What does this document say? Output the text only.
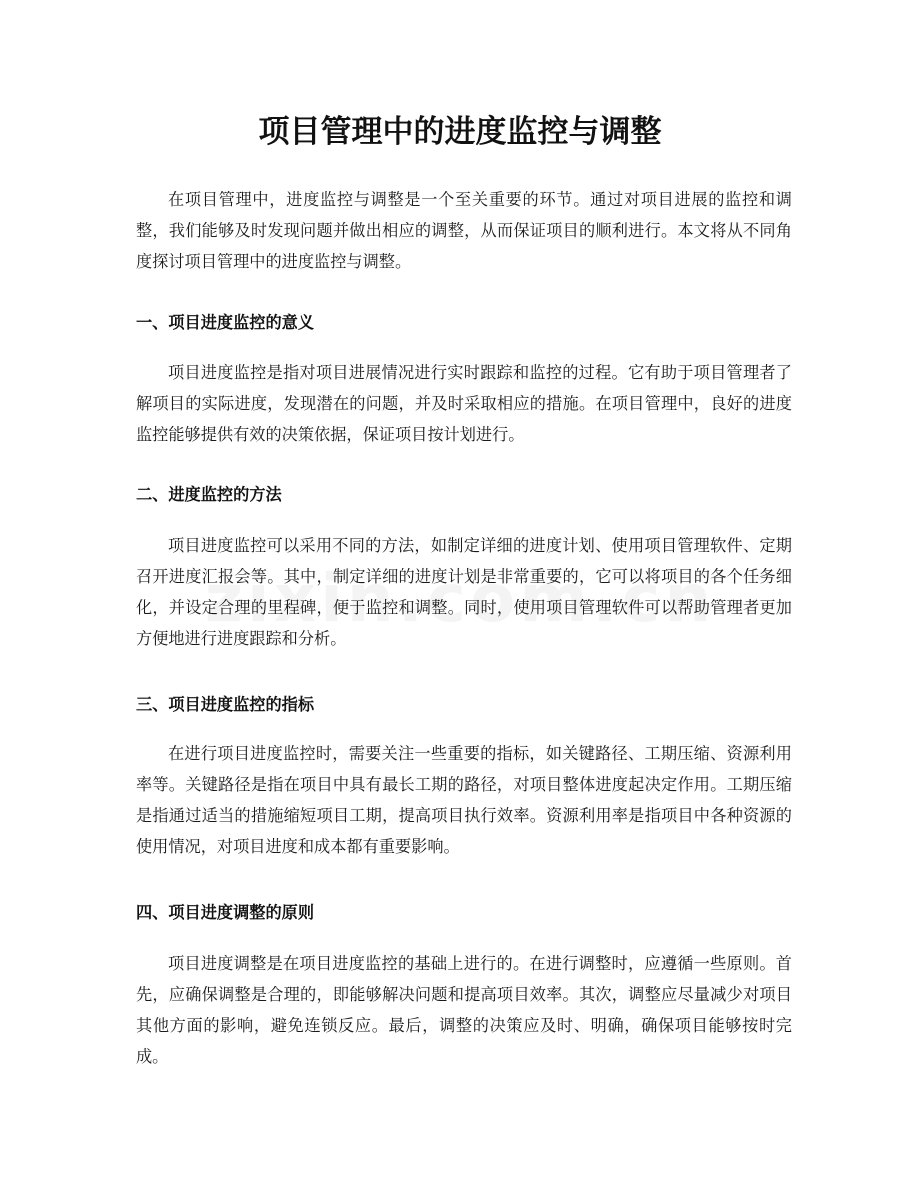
项目管理中的进度监控与调整

在项目管理中，进度监控与调整是一个至关重要的环节。通过对项目进展的监控和调整，我们能够及时发现问题并做出相应的调整，从而保证项目的顺利进行。本文将从不同角度探讨项目管理中的进度监控与调整。

一、项目进度监控的意义

项目进度监控是指对项目进展情况进行实时跟踪和监控的过程。它有助于项目管理者了解项目的实际进度，发现潜在的问题，并及时采取相应的措施。在项目管理中，良好的进度监控能够提供有效的决策依据，保证项目按计划进行。

二、进度监控的方法

项目进度监控可以采用不同的方法，如制定详细的进度计划、使用项目管理软件、定期召开进度汇报会等。其中，制定详细的进度计划是非常重要的，它可以将项目的各个任务细化，并设定合理的里程碑，便于监控和调整。同时，使用项目管理软件可以帮助管理者更加方便地进行进度跟踪和分析。

三、项目进度监控的指标

在进行项目进度监控时，需要关注一些重要的指标，如关键路径、工期压缩、资源利用率等。关键路径是指在项目中具有最长工期的路径，对项目整体进度起决定作用。工期压缩是指通过适当的措施缩短项目工期，提高项目执行效率。资源利用率是指项目中各种资源的使用情况，对项目进度和成本都有重要影响。

四、项目进度调整的原则

项目进度调整是在项目进度监控的基础上进行的。在进行调整时，应遵循一些原则。首先，应确保调整是合理的，即能够解决问题和提高项目效率。其次，调整应尽量减少对项目其他方面的影响，避免连锁反应。最后，调整的决策应及时、明确，确保项目能够按时完成。
